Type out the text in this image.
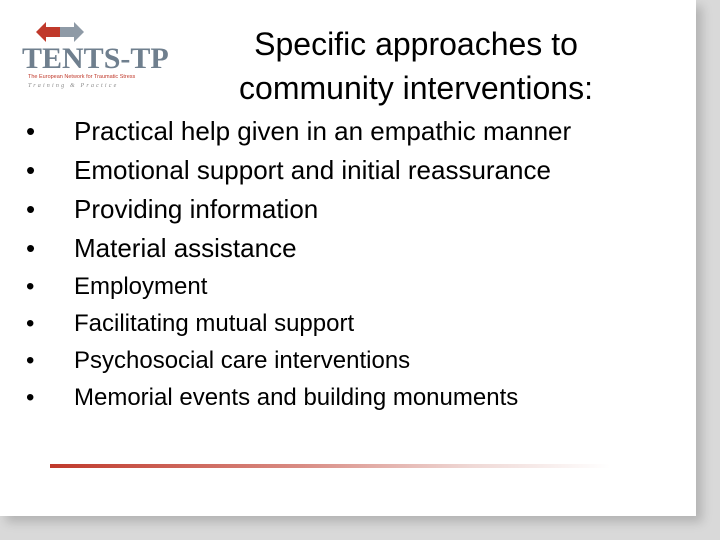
TENTS-TP
The European Network for Traumatic Stress
Training & Practice
Specific approaches to
community interventions:
• Practical help given in an empathic manner
• Emotional support and initial reassurance
• Providing information
• Material assistance
• Employment
• Facilitating mutual support
• Psychosocial care interventions
• Memorial events and building monuments
